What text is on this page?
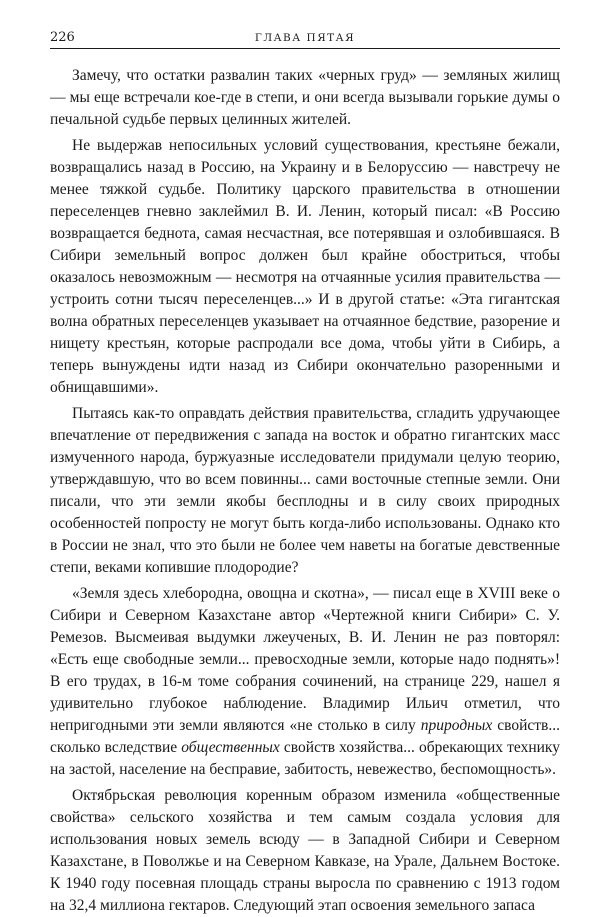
226	ГЛАВА ПЯТАЯ

Замечу, что остатки развалин таких «черных груд» — земляных жилищ — мы еще встречали кое-где в степи, и они всегда вызывали горькие думы о печальной судьбе первых целинных жителей.

Не выдержав непосильных условий существования, крестьяне бежали, возвращались назад в Россию, на Украину и в Белоруссию — навстречу не менее тяжкой судьбе. Политику царского правительства в отношении переселенцев гневно заклеймил В. И. Ленин, который писал: «В Россию возвращается беднота, самая несчастная, все потерявшая и озлобившаяся. В Сибири земельный вопрос должен был крайне обостриться, чтобы оказалось невозможным — несмотря на отчаянные усилия правительства — устроить сотни тысяч переселенцев...» И в другой статье: «Эта гигантская волна обратных переселенцев указывает на отчаянное бедствие, разорение и нищету крестьян, которые распродали все дома, чтобы уйти в Сибирь, а теперь вынуждены идти назад из Сибири окончательно разоренными и обнищавшими».

Пытаясь как-то оправдать действия правительства, сгладить удручающее впечатление от передвижения с запада на восток и обратно гигантских масс измученного народа, буржуазные исследователи придумали целую теорию, утверждавшую, что во всем повинны... сами восточные степные земли. Они писали, что эти земли якобы бесплодны и в силу своих природных особенностей попросту не могут быть когда-либо использованы. Однако кто в России не знал, что это были не более чем наветы на богатые девственные степи, веками копившие плодородие?

«Земля здесь хлебородна, овощна и скотна», — писал еще в XVIII веке о Сибири и Северном Казахстане автор «Чертежной книги Сибири» С. У. Ремезов. Высмеивая выдумки лжеученых, В. И. Ленин не раз повторял: «Есть еще свободные земли... превосходные земли, которые надо поднять»! В его трудах, в 16-м томе собрания сочинений, на странице 229, нашел я удивительно глубокое наблюдение. Владимир Ильич отметил, что непригодными эти земли являются «не столько в силу природных свойств... сколько вследствие общественных свойств хозяйства... обрекающих технику на застой, население на бесправие, забитость, невежество, беспомощность».

Октябрьская революция коренным образом изменила «общественные свойства» сельского хозяйства и тем самым создала условия для использования новых земель всюду — в Западной Сибири и Северном Казахстане, в Поволжье и на Северном Кавказе, на Урале, Дальнем Востоке. К 1940 году посевная площадь страны выросла по сравнению с 1913 годом на 32,4 миллиона гектаров. Следующий этап освоения земельного запаса
